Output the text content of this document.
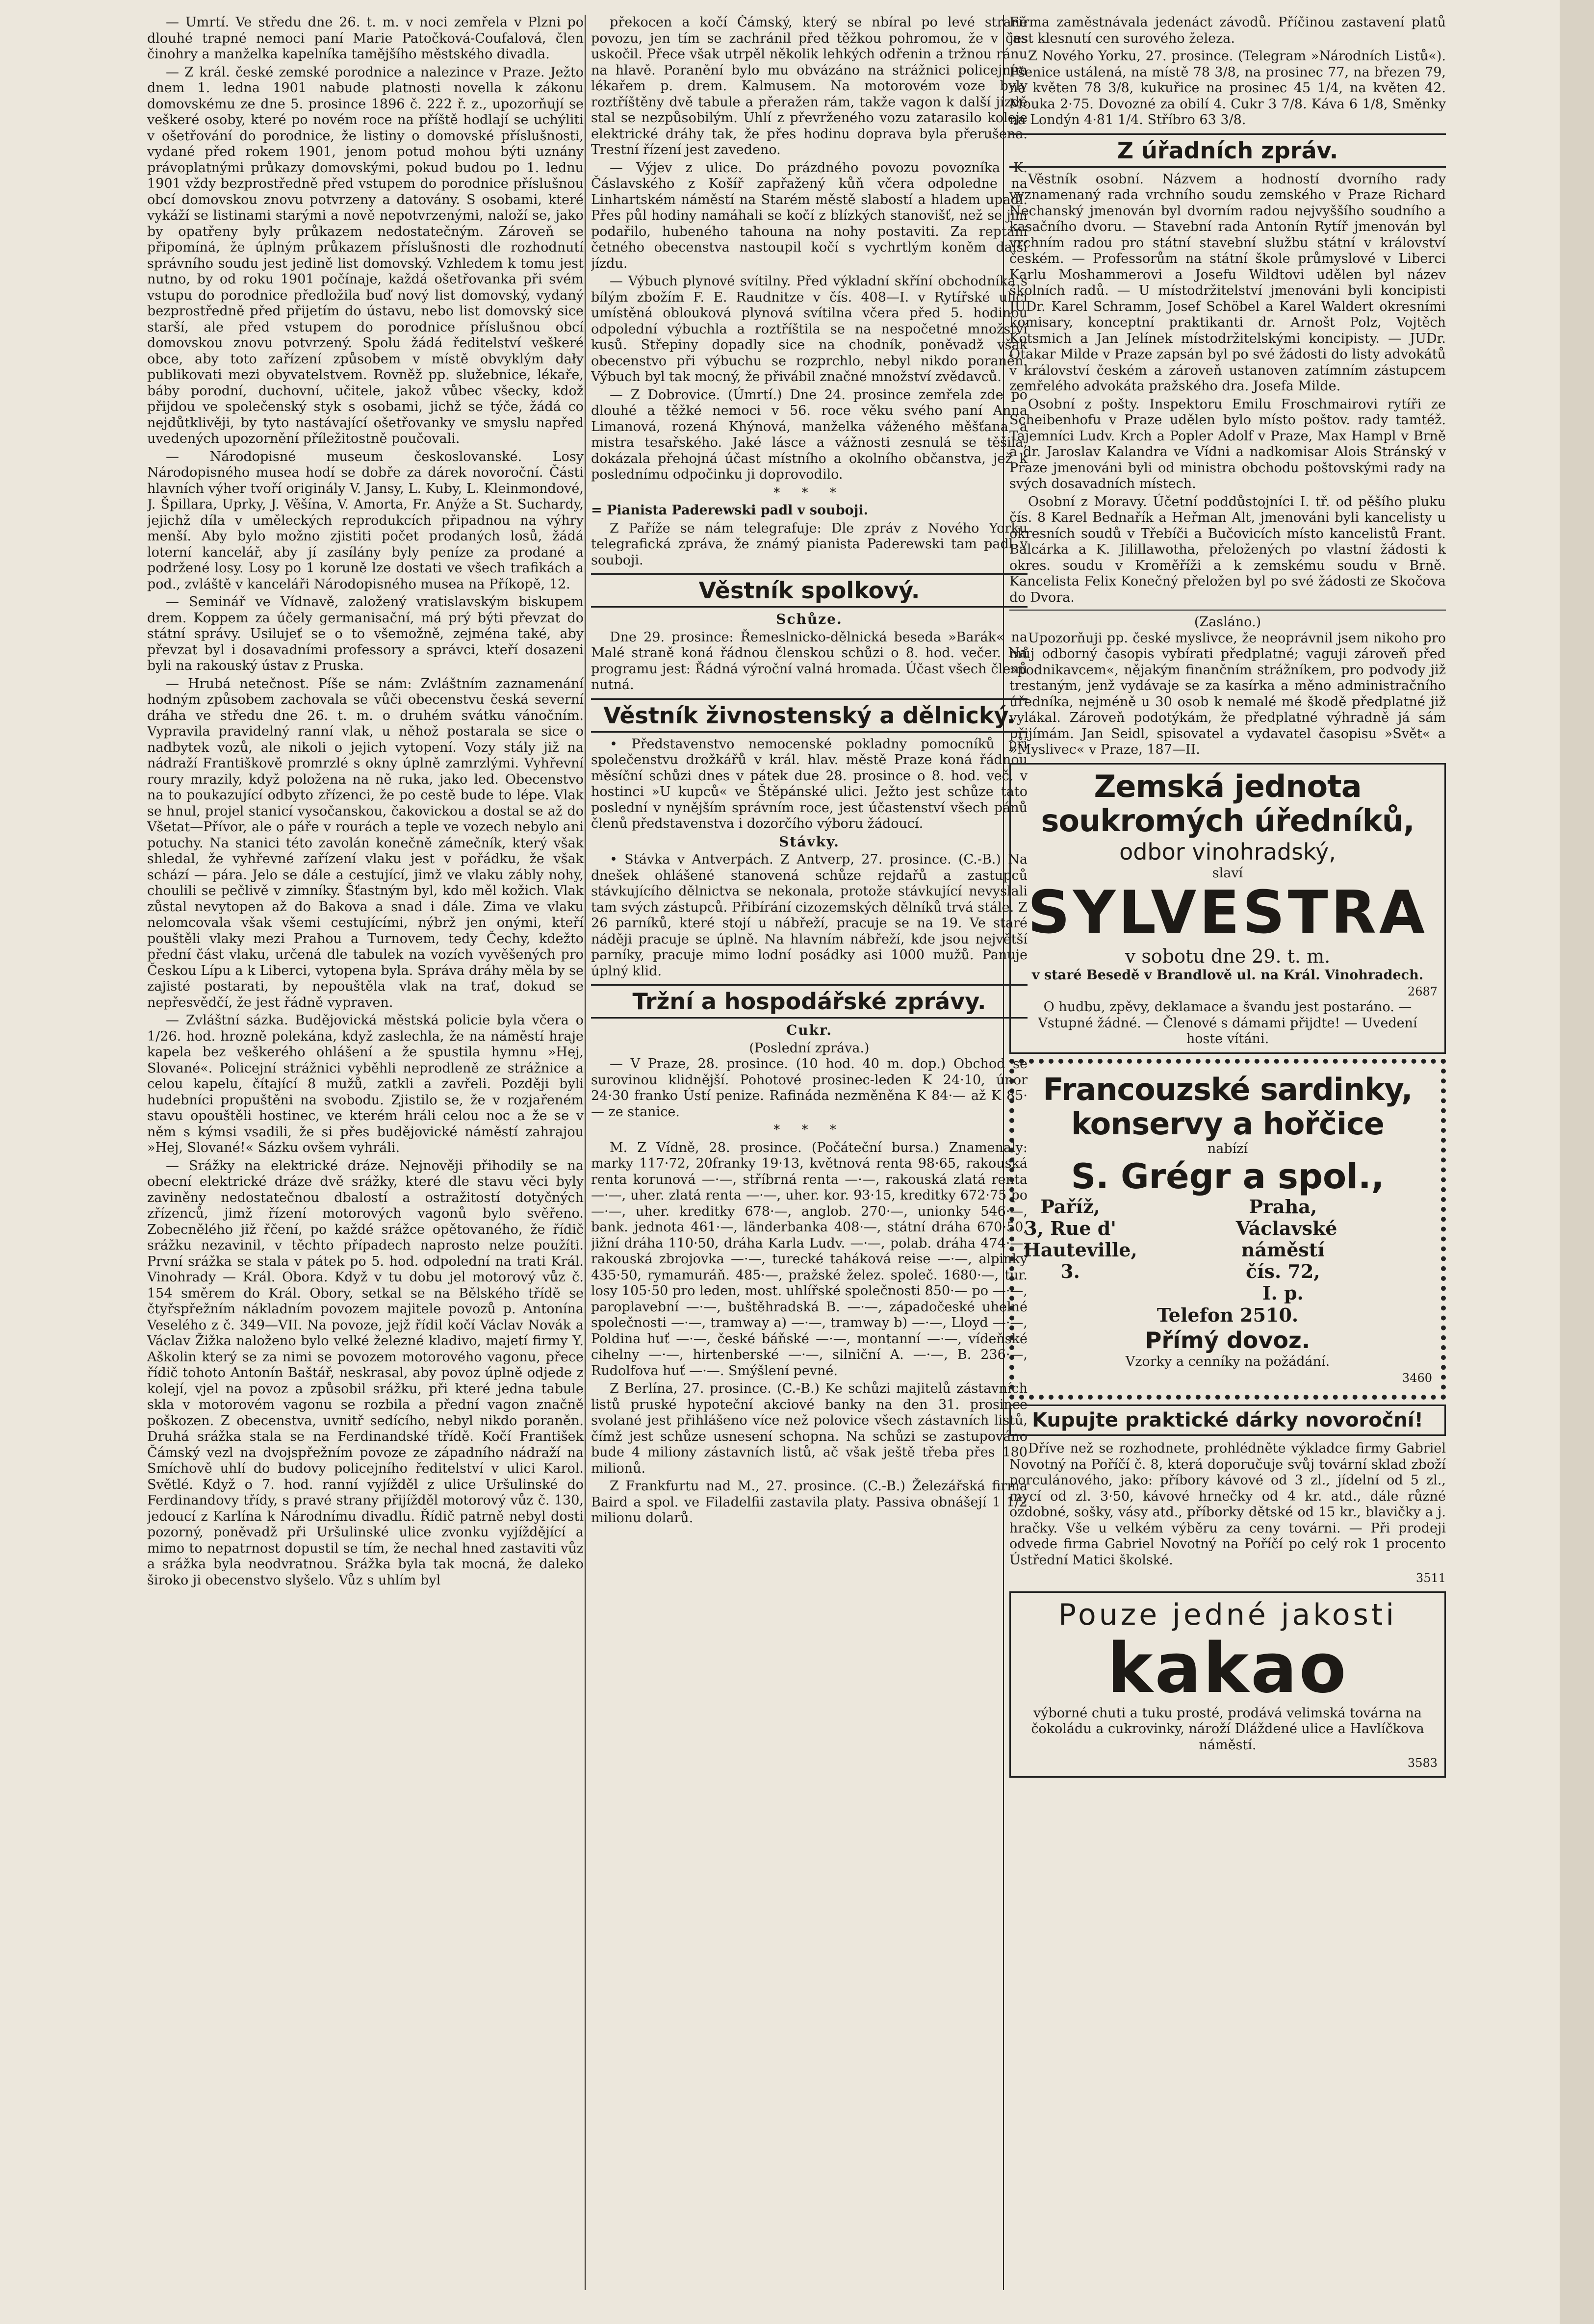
— Umrtí. Ve středu dne 26. t. m. v noci zemřela v Plzni po dlouhé trapné nemoci paní Marie Patočková-Coufalová, člen činohry a manželka kapelníka tamějšího městského divadla.

— Z král. české zemské porodnice a nalezince v Praze. Ježto dnem 1. ledna 1901 nabude platnosti novella k zákonu domovskému ze dne 5. prosince 1896 č. 222 ř. z., upozorňují se veškeré osoby, které po novém roce na příště hodlají se uchýliti v ošetřování do porodnice, že listiny o domovské příslušnosti, vydané před rokem 1901, jenom potud mohou býti uznány právoplatnými průkazy domovskými, pokud budou po 1. lednu 1901 vždy bezprostředně před vstupem do porodnice příslušnou obcí domovskou znovu potvrzeny a datovány. S osobami, které vykáží se listinami starými a nově nepotvrzenými, naloží se, jako by opatřeny byly průkazem nedostatečným. Zároveň se připomíná, že úplným průkazem příslušnosti dle rozhodnutí správního soudu jest jedině list domovský. Vzhledem k tomu jest nutno, by od roku 1901 počínaje, každá ošetřovanka při svém vstupu do porodnice předložila buď nový list domovský, vydaný bezprostředně před přijetím do ústavu, nebo list domovský sice starší, ale před vstupem do porodnice příslušnou obcí domovskou znovu potvrzený. Spolu žádá ředitelství veškeré obce, aby toto zařízení způsobem v místě obvyklým dały publikovati mezi obyvatelstvem. Rovněž pp. služebnice, lékaře, báby porodní, duchovní, učitele, jakož vůbec všecky, kdož přijdou ve společenský styk s osobami, jichž se týče, žádá co nejdůtklivěji, by tyto nastávající ošetřovanky ve smyslu napřed uvedených upozornění příležitostně poučovali.

— Národopisné museum českoslovanské. Losy Národopisného musea hodí se dobře za dárek novoroční. Části hlavních výher tvoří originály V. Jansy, L. Kuby, L. Kleinmondové, J. Špillara, Uprky, J. Věšína, V. Amorta, Fr. Anýže a St. Suchardy, jejichž díla v uměleckých reprodukcích připadnou na výhry menší. Aby bylo možno zjistiti počet prodaných losů, žádá loterní kancelář, aby jí zasílány byly peníze za prodané a podržené losy. Losy po 1 koruně lze dostati ve všech trafikách a pod., zvláště v kanceláři Národopisného musea na Příkopě, 12.

— Seminář ve Vídnavě, založený vratislavským biskupem drem. Koppem za účely germanisační, má prý býti převzat do státní správy. Usilujeť se o to všemožně, zejména také, aby převzat byl i dosavadními professory a správci, kteří dosazeni byli na rakouský ústav z Pruska.

— Hrubá netečnost. Píše se nám: Zvláštním zaznamenání hodným způsobem zachovala se vůči obecenstvu česká severní dráha ve středu dne 26. t. m. o druhém svátku vánočním. Vypravila pravidelný ranní vlak, u něhož postarala se sice o nadbytek vozů, ale nikoli o jejich vytopení. Vozy stály již na nádraží Františkově promrzlé s okny úplně zamrzlými. Vyhřevní roury mrazily, když položena na ně ruka, jako led. Obecenstvo na to poukazující odbyto zřízenci, že po cestě bude to lépe. Vlak se hnul, projel stanicí vysočanskou, čakovickou a dostal se až do Všetat—Přívor, ale o páře v rourách a teple ve vozech nebylo ani potuchy. Na stanici této zavolán konečně zámečník, který však shledal, že vyhřevné zařízení vlaku jest v pořádku, že však schází — pára. Jelo se dále a cestující, jimž ve vlaku zábly nohy, choulili se pečlivě v zimníky. Šťastným byl, kdo měl kožich. Vlak zůstal nevytopen až do Bakova a snad i dále. Zima ve vlaku nelomcovala však všemi cestujícími, nýbrž jen onými, kteří pouštěli vlaky mezi Prahou a Turnovem, tedy Čechy, kdežto přední část vlaku, určená dle tabulek na vozích vyvěšených pro Českou Lípu a k Liberci, vytopena byla. Správa dráhy měla by se zajisté postarati, by nepouštěla vlak na trať, dokud se nepřesvědčí, že jest řádně vypraven.

— Zvláštní sázka. Budějovická městská policie byla včera o 1/26. hod. hrozně polekána, když zaslechla, že na náměstí hraje kapela bez veškerého ohlášení a že spustila hymnu »Hej, Slované«. Policejní strážnici vyběhli neprodleně ze strážnice a celou kapelu, čítající 8 mužů, zatkli a zavřeli. Později byli hudebníci propuštěni na svobodu. Zjistilo se, že v rozjařeném stavu opouštěli hostinec, ve kterém hráli celou noc a že se v něm s kýmsi vsadili, že si přes budějovické náměstí zahrajou »Hej, Slované!« Sázku ovšem vyhráli.

— Srážky na elektrické dráze. Nejnověji přihodily se na obecní elektrické dráze dvě srážky, které dle stavu věci byly zaviněny nedostatečnou dbalostí a ostražitostí dotyčných zřízenců, jimž řízení motorových vagonů bylo svěřeno. Zobecnělého již řčení, po každé srážce opětovaného, že řídič srážku nezavinil, v těchto případech naprosto nelze použíti. První srážka se stala v pátek po 5. hod. odpolední na trati Král. Vinohrady — Král. Obora. Když v tu dobu jel motorový vůz č. 154 směrem do Král. Obory, setkal se na Bělského třídě se čtyřspřežním nákladním povozem majitele povozů p. Antonína Veselého z č. 349—VII. Na povoze, jejž řídil kočí Václav Novák a Václav Žižka naloženo bylo velké železné kladivo, majetí firmy Y. Aškolin který se za nimi se povozem motorového vagonu, přece řídič tohoto Antonín Baštář, neskrasal, aby povoz úplně odjede z kolejí, vjel na povoz a způsobil srážku, při které jedna tabule skla v motorovém vagonu se rozbila a přední vagon značně poškozen. Z obecenstva, uvnitř sedícího, nebyl nikdo poraněn. Druhá srážka stala se na Ferdinandské třídě. Kočí František Čámský vezl na dvojspřežním povoze ze západního nádraží na Smíchově uhlí do budovy policejního ředitelství v ulici Karol. Světlé. Když o 7. hod. ranní vyjížděl z ulice Uršulinské do Ferdinandovy třídy, s pravé strany přijížděl motorový vůz č. 130, jedoucí z Karlína k Národnímu divadlu. Řídič patrně nebyl dosti pozorný, poněvadž při Uršulinské ulice zvonku vyjíždějící a mimo to nepatrnost dopustil se tím, že nechal hned zastaviti vůz a srážka byla neodvratnou. Srážka byla tak mocná, že daleko široko ji obecenstvo slyšelo. Vůz s uhlím byl

překocen a kočí Čámský, který se nbíral po levé straně povozu, jen tím se zachránil před těžkou pohromou, že v čas uskočil. Přece však utrpěl několik lehkých odřenin a tržnou ránu na hlavě. Poranění bylo mu obvázáno na strážnici policejním lékařem p. drem. Kalmusem. Na motorovém voze byly roztříštěny dvě tabule a přeražen rám, takže vagon k další jízdě stal se nezpůsobilým. Uhlí z převrženého vozu zatarasilo koleje elektrické dráhy tak, že přes hodinu doprava byla přerušena. Trestní řízení jest zavedeno.

— Výjev z ulice. Do prázdného povozu povozníka K. Čáslavského z Košíř zapřažený kůň včera odpoledne na Linhartském náměstí na Starém městě slabostí a hladem upadl. Přes půl hodiny namáhali se kočí z blízkých stanovišť, než se jim podařilo, hubeného tahouna na nohy postaviti. Za reptání četného obecenstva nastoupil kočí s vychrtlým koněm další jízdu.

— Výbuch plynové svítilny. Před výkladní skříní obchodníka s bílým zbožím F. E. Raudnitze v čís. 408—I. v Rytířské ulici umístěná oblouková plynová svítilna včera před 5. hodinou odpolední výbuchla a roztříštila se na nespočetné množství kusů. Střepiny dopadly sice na chodník, poněvadž však obecenstvo při výbuchu se rozprchlo, nebyl nikdo poraněn. Výbuch byl tak mocný, že přivábil značné množství zvědavců.

— Z Dobrovice. (Úmrtí.) Dne 24. prosince zemřela zde po dlouhé a těžké nemoci v 56. roce věku svého paní Anna Limanová, rozená Khýnová, manželka váženého měšťana a mistra tesařského. Jaké lásce a vážnosti zesnulá se těšila, dokázala přehojná účast místního a okolního občanstva, jež k poslednímu odpočinku ji doprovodilo.

* * *

= Pianista Paderewski padl v souboji.

Z Paříže se nám telegrafuje: Dle zpráv z Nového Yorku telegrafická zpráva, že známý pianista Paderewski tam padl v souboji.

Věstník spolkový.
Schůze.

Dne 29. prosince: Řemeslnicko-dělnická beseda »Barák« na Malé straně koná řádnou členskou schůzi o 8. hod. večer. Na programu jest: Řádná výroční valná hromada. Účast všech členů nutná.

Věstník živnostenský a dělnický.

• Představenstvo nemocenské pokladny pomocníků při společenstvu drožkářů v král. hlav. městě Praze koná řádnou měsíční schůzi dnes v pátek due 28. prosince o 8. hod. več. v hostinci »U kupců« ve Štěpánské ulici. Ježto jest schůze tato poslední v nynějším správním roce, jest účastenství všech pánů členů představenstva i dozorčího výboru žádoucí.

Stávky.

• Stávka v Antverpách. Z Antverp, 27. prosince. (C.-B.) Na dnešek ohlášené stanovená schůze rejdařů a zastupců stávkujícího dělnictva se nekonala, protože stávkující nevyslali tam svých zástupců. Přibírání cizozemských dělníků trvá stále. Z 26 parníků, které stojí u nábřeží, pracuje se na 19. Ve staré náději pracuje se úplně. Na hlavním nábřeží, kde jsou největší parníky, pracuje mimo lodní posádky asi 1000 mužů. Panuje úplný klid.

Tržní a hospodářské zprávy.
Cukr.
(Poslední zpráva.)

— V Praze, 28. prosince. (10 hod. 40 m. dop.) Obchod se surovinou klidnější. Pohotové prosinec-leden K 24·10, únor 24·30 franko Ústí penize. Rafináda nezměněna K 84·— až K 85·— ze stanice.

* * *

M. Z Vídně, 28. prosince. (Počáteční bursa.) Znamenaly: marky 117·72, 20franky 19·13, květnová renta 98·65, rakouská renta korunová —·—, stříbrná renta —·—, rakouská zlatá renta —·—, uher. zlatá renta —·—, uher. kor. 93·15, kreditky 672·75 po —·—, uher. kreditky 678·—, anglob. 270·—, unionky 546·—, bank. jednota 461·—, länderbanka 408·—, státní dráha 670·50, jižní dráha 110·50, dráha Karla Ludv. —·—, polab. dráha 474·—, rakouská zbrojovka —·—, turecké taháková reise —·—, alpinky 435·50, rymamuráň. 485·—, pražské želez. společ. 1680·—, tur. losy 105·50 pro leden, most. uhlířské společnosti 850·— po —·—, paroplavební —·—, buštěhradská B. —·—, západočeské uhelné společnosti —·—, tramway a) —·—, tramway b) —·—, Lloyd —·—, Poldina huť —·—, české báňské —·—, montanní —·—, vídeňské cihelny —·—, hirtenberské —·—, silniční A. —·—, B. 236·—, Rudolfova huť —·—. Smýšlení pevné.

Z Berlína, 27. prosince. (C.-B.) Ke schůzi majitelů zástavních listů pruské hypoteční akciové banky na den 31. prosince svolané jest přihlášeno více než polovice všech zástavních listů, čímž jest schůze usnesení schopna. Na schůzi se zastupováno bude 4 miliony zástavních listů, ač však ještě třeba přes 180 milionů.

Z Frankfurtu nad M., 27. prosince. (C.-B.) Železářská firma Baird a spol. ve Filadelfii zastavila platy. Passiva obnášejí 1 1/2 milionu dolarů.

Firma zaměstnávala jedenáct závodů. Příčinou zastavení platů jest klesnutí cen surového železa.

Z Nového Yorku, 27. prosince. (Telegram »Národních Listů«). Pšenice ustálená, na místě 78 3/8, na prosinec 77, na březen 79, na květen 78 3/8, kukuřice na prosinec 45 1/4, na květen 42. Mouka 2·75. Dovozné za obilí 4. Cukr 3 7/8. Káva 6 1/8, Směnky na Londýn 4·81 1/4. Stříbro 63 3/8.

Z úřadních zpráv.

Věstník osobní. Názvem a hodností dvorního rady vyznamenaný rada vrchního soudu zemského v Praze Richard Nechanský jmenován byl dvorním radou nejvyššího soudního a kasačního dvoru. — Stavební rada Antonín Rytíř jmenován byl vrchním radou pro státní stavební službu státní v království českém. — Professorům na státní škole průmyslové v Liberci Karlu Moshammerovi a Josefu Wildtovi udělen byl název školních radů. — U místodržitelství jmenováni byli koncipisti JUDr. Karel Schramm, Josef Schöbel a Karel Waldert okresními komisary, konceptní praktikanti dr. Arnošt Polz, Vojtěch Kotsmich a Jan Jelínek místodržitelskými koncipisty. — JUDr. Otakar Milde v Praze zapsán byl po své žádosti do listy advokátů v království českém a zároveň ustanoven zatímním zástupcem zemřelého advokáta pražského dra. Josefa Milde.

Osobní z pošty. Inspektoru Emilu Froschmairovi rytíři ze Scheibenhofu v Praze udělen bylo místo poštov. rady tamtéž. Tajemníci Ludv. Krch a Popler Adolf v Praze, Max Hampl v Brně a dr. Jaroslav Kalandra ve Vídni a nadkomisar Alois Stránský v Praze jmenováni byli od ministra obchodu poštovskými rady na svých dosavadních místech.

Osobní z Moravy. Účetní poddůstojníci I. tř. od pěšího pluku čís. 8 Karel Bednařík a Heřman Alt, jmenováni byli kancelisty u okresních soudů v Třebíči a Bučovicích místo kancelistů Frant. Balcárka a K. Jilillawotha, přeložených po vlastní žádosti k okres. soudu v Kroměříži a k zemskému soudu v Brně. Kancelista Felix Konečný přeložen byl po své žádosti ze Skočova do Dvora.

(Zasláno.)

Upozorňuji pp. české myslivce, že neoprávnil jsem nikoho pro můj odborný časopis vybírati předplatné; vaguji zároveň před »podnikavcem«, nějakým finančním strážníkem, pro podvody již trestaným, jenž vydávaje se za kasírka a měno administračního úředníka, nejméně u 30 osob k nemalé mé škodě předplatné již vylákal. Zároveň podotýkám, že předplatné výhradně já sám přijímám. Jan Seidl, spisovatel a vydavatel časopisu »Svět« a »Myslivec« v Praze, 187—II.

Zemská jednota soukromých úředníků,
odbor vinohradský,
slaví
SYLVESTRA
v sobotu dne 29. t. m.
v staré Besedě v Brandlově ul. na Král. Vinohradech.
2687
O hudbu, zpěvy, deklamace a švandu jest postaráno. — Vstupné žádné. — Členové s dámami přijdte! — Uvedení hoste vítáni.
Francouzské sardinky,
konservy a hořčice
nabízí
S. Grégr a spol.,
Paříž,
3, Rue d' Hauteville, 3.
Praha,
Václavské náměstí čís. 72, I. p.
Telefon 2510.
Přímý dovoz.
Vzorky a cenníky na požádání.
3460
Kupujte praktické dárky novoroční!

Dříve než se rozhodnete, prohlédněte výkladce firmy Gabriel Novotný na Poříčí č. 8, která doporučuje svůj tovární sklad zboží porculánového, jako: příbory kávové od 3 zl., jídelní od 5 zl., mycí od zl. 3·50, kávové hrnečky od 4 kr. atd., dále různé ozdobné, sošky, vásy atd., příborky dětské od 15 kr., blavičky a j. hračky. Vše u velkém výběru za ceny továrni. — Při prodeji odvede firma Gabriel Novotný na Poříčí po celý rok 1 procento Ústřední Matici školské.

3511
Pouze jedné jakosti
kakao

výborné chuti a tuku prosté, prodává velimská továrna na čokoládu a cukrovinky, nároží Dláždené ulice a Havlíčkova náměstí.

3583
